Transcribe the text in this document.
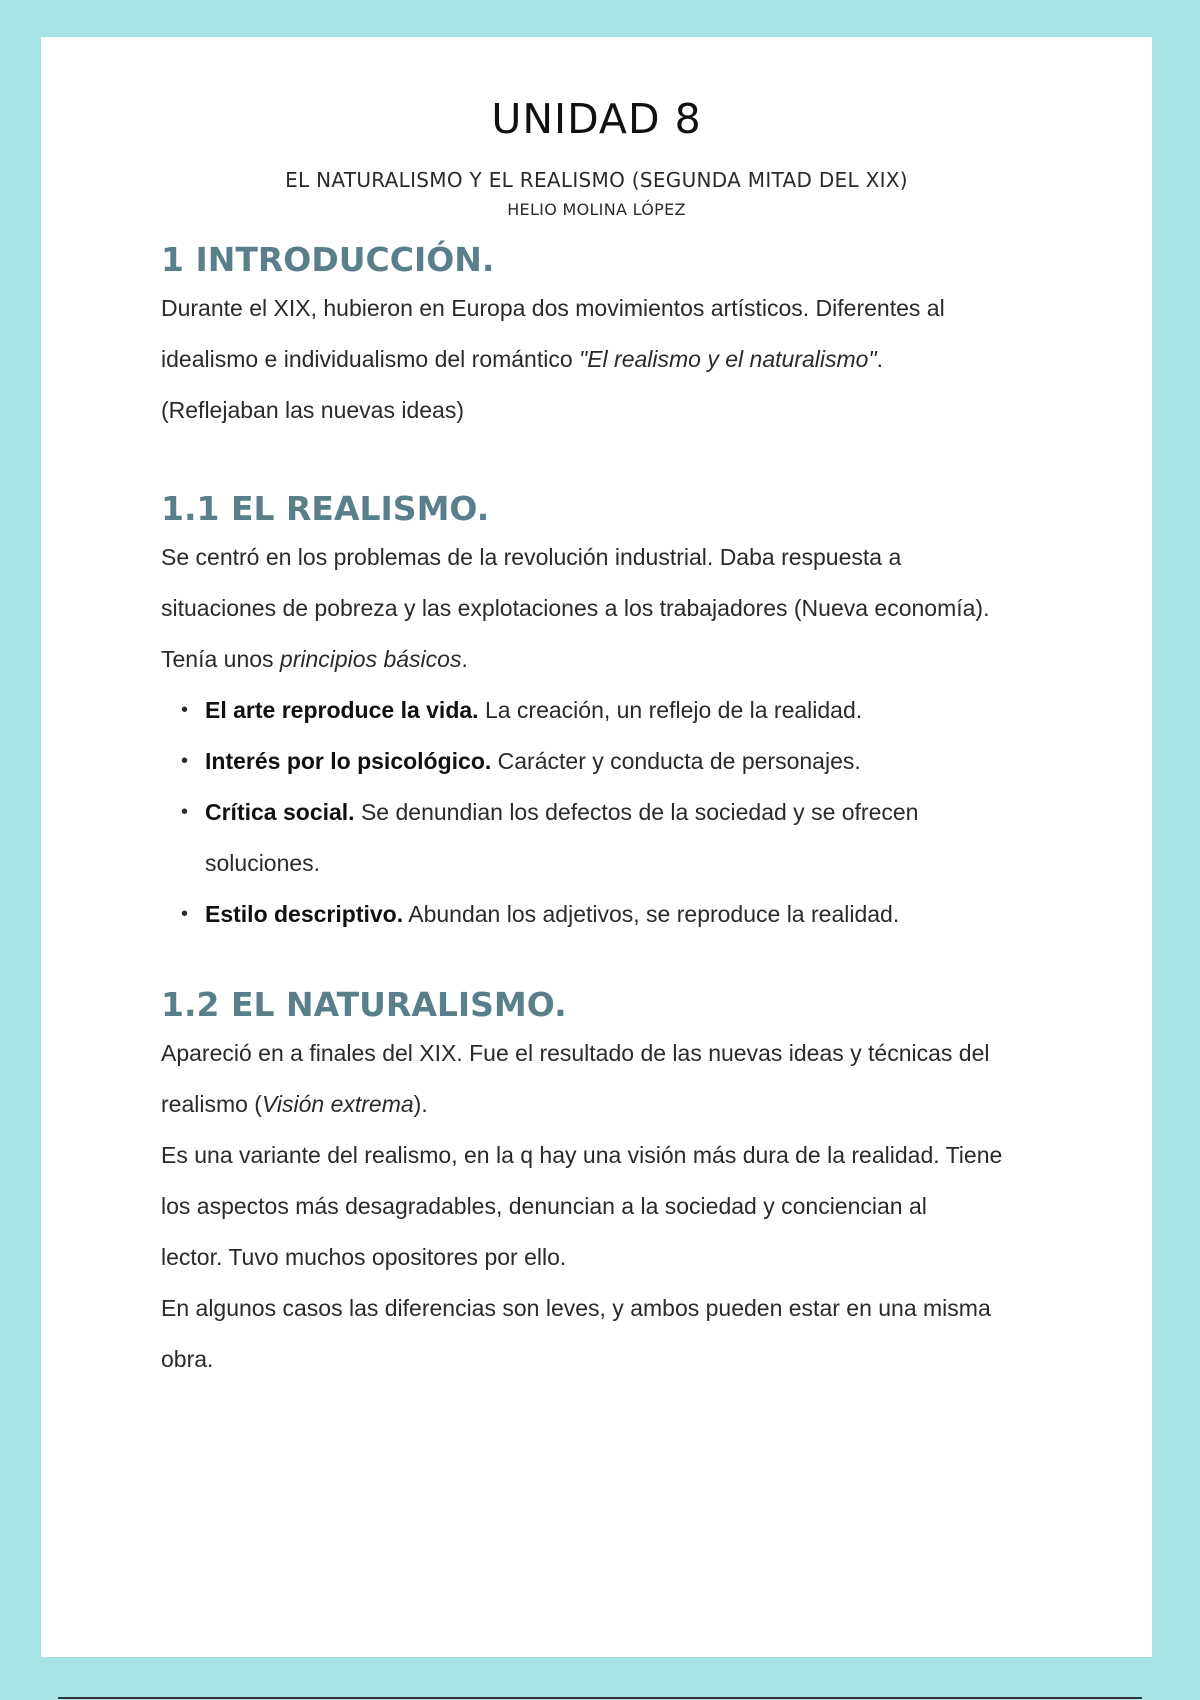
UNIDAD 8
EL NATURALISMO Y EL REALISMO (SEGUNDA MITAD DEL XIX)
HELIO MOLINA LÓPEZ
1 INTRODUCCIÓN.

Durante el XIX, hubieron en Europa dos movimientos artísticos. Diferentes al
idealismo e individualismo del romántico "El realismo y el naturalismo".
(Reflejaban las nuevas ideas)

1.1 EL REALISMO.

Se centró en los problemas de la revolución industrial. Daba respuesta a
situaciones de pobreza y las explotaciones a los trabajadores (Nueva economía).
Tenía unos principios básicos.

• El arte reproduce la vida. La creación, un reflejo de la realidad.
• Interés por lo psicológico. Carácter y conducta de personajes.
• Crítica social. Se denundian los defectos de la sociedad y se ofrecen soluciones.
• Estilo descriptivo. Abundan los adjetivos, se reproduce la realidad.
1.2 EL NATURALISMO.

Apareció en a finales del XIX. Fue el resultado de las nuevas ideas y técnicas del
realismo (Visión extrema).

Es una variante del realismo, en la q hay una visión más dura de la realidad. Tiene
los aspectos más desagradables, denuncian a la sociedad y conciencian al
lector. Tuvo muchos opositores por ello.

En algunos casos las diferencias son leves, y ambos pueden estar en una misma
obra.
